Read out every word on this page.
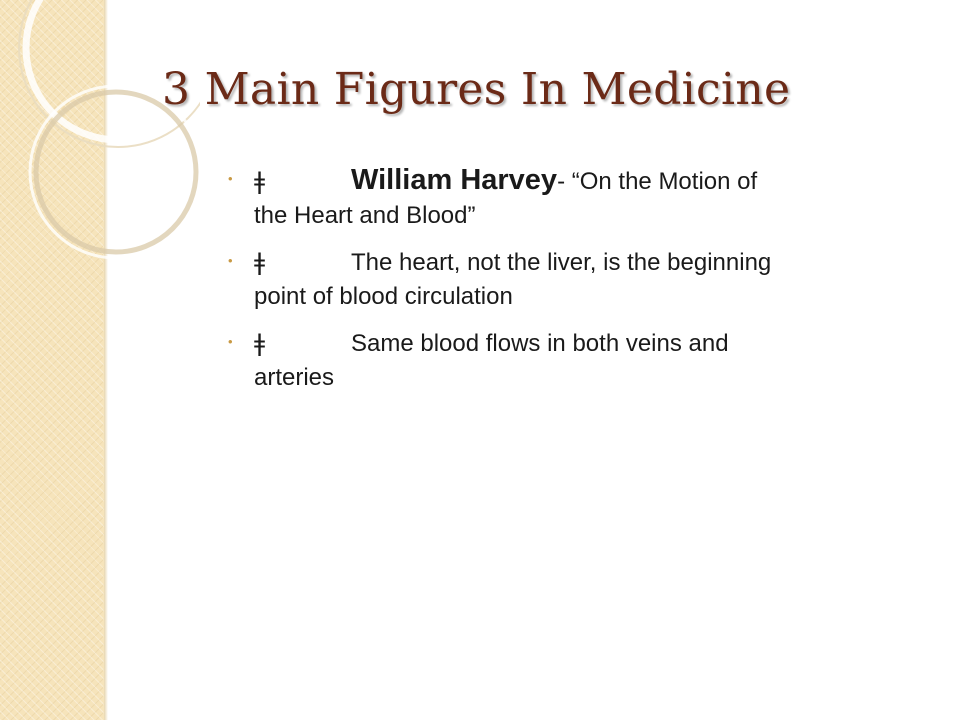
3 Main Figures In Medicine
• ǂ	William Harvey- “On the Motion of
the Heart and Blood”
• ǂ	The heart, not the liver, is the beginning
point of blood circulation
• ǂ	Same blood flows in both veins and
arteries
